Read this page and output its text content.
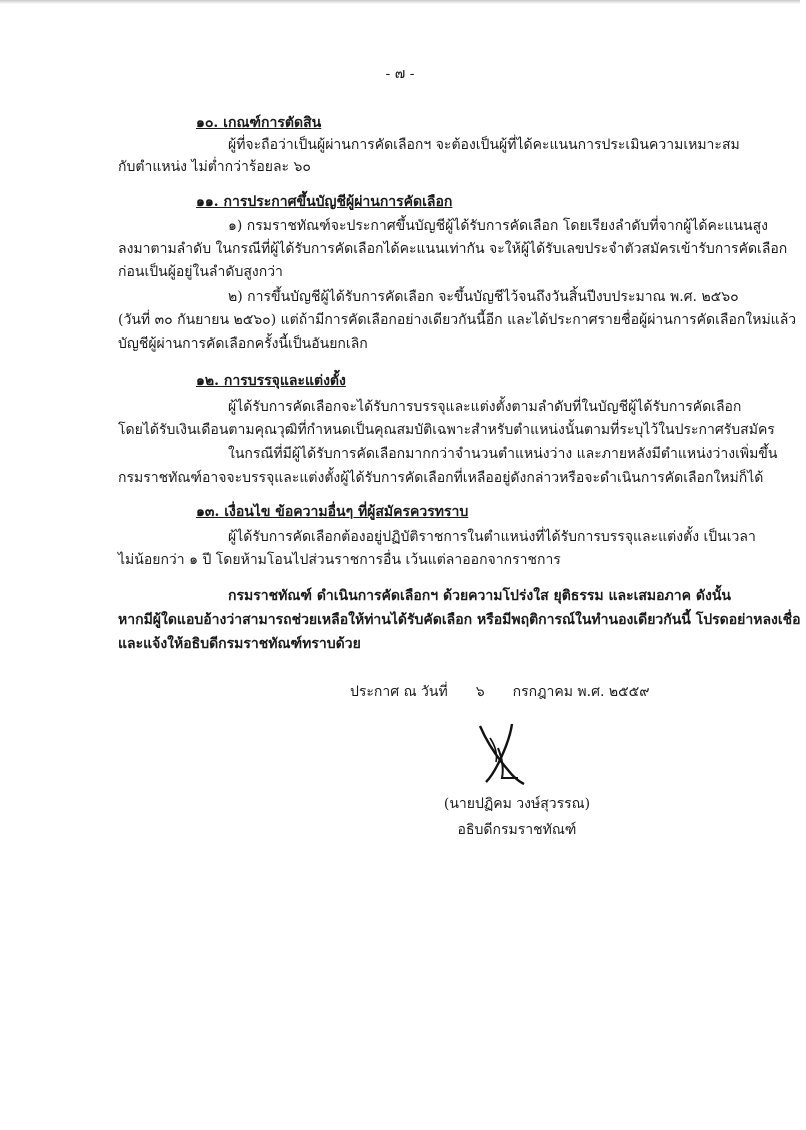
- ๗ -
๑๐. เกณฑ์การตัดสิน
ผู้ที่จะถือว่าเป็นผู้ผ่านการคัดเลือกฯ จะต้องเป็นผู้ที่ได้คะแนนการประเมินความเหมาะสม
กับตำแหน่ง ไม่ต่ำกว่าร้อยละ ๖๐
๑๑. การประกาศขึ้นบัญชีผู้ผ่านการคัดเลือก
๑) กรมราชทัณฑ์จะประกาศขึ้นบัญชีผู้ได้รับการคัดเลือก โดยเรียงลำดับที่จากผู้ได้คะแนนสูง
ลงมาตามลำดับ ในกรณีที่ผู้ได้รับการคัดเลือกได้คะแนนเท่ากัน จะให้ผู้ได้รับเลขประจำตัวสมัครเข้ารับการคัดเลือก
ก่อนเป็นผู้อยู่ในลำดับสูงกว่า
๒) การขึ้นบัญชีผู้ได้รับการคัดเลือก จะขึ้นบัญชีไว้จนถึงวันสิ้นปีงบประมาณ พ.ศ. ๒๕๖๐
(วันที่ ๓๐ กันยายน ๒๕๖๐) แต่ถ้ามีการคัดเลือกอย่างเดียวกันนี้อีก และได้ประกาศรายชื่อผู้ผ่านการคัดเลือกใหม่แล้ว
บัญชีผู้ผ่านการคัดเลือกครั้งนี้เป็นอันยกเลิก
๑๒. การบรรจุและแต่งตั้ง
ผู้ได้รับการคัดเลือกจะได้รับการบรรจุและแต่งตั้งตามลำดับที่ในบัญชีผู้ได้รับการคัดเลือก
โดยได้รับเงินเดือนตามคุณวุฒิที่กำหนดเป็นคุณสมบัติเฉพาะสำหรับตำแหน่งนั้นตามที่ระบุไว้ในประกาศรับสมัคร
ในกรณีที่มีผู้ได้รับการคัดเลือกมากกว่าจำนวนตำแหน่งว่าง และภายหลังมีตำแหน่งว่างเพิ่มขึ้น
กรมราชทัณฑ์อาจจะบรรจุและแต่งตั้งผู้ได้รับการคัดเลือกที่เหลืออยู่ดังกล่าวหรือจะดำเนินการคัดเลือกใหม่ก็ได้
๑๓. เงื่อนไข ข้อความอื่นๆ ที่ผู้สมัครควรทราบ
ผู้ได้รับการคัดเลือกต้องอยู่ปฏิบัติราชการในตำแหน่งที่ได้รับการบรรจุและแต่งตั้ง เป็นเวลา
ไม่น้อยกว่า ๑ ปี โดยห้ามโอนไปส่วนราชการอื่น เว้นแต่ลาออกจากราชการ
กรมราชทัณฑ์ ดำเนินการคัดเลือกฯ ด้วยความโปร่งใส ยุติธรรม และเสมอภาค ดังนั้น
หากมีผู้ใดแอบอ้างว่าสามารถช่วยเหลือให้ท่านได้รับคัดเลือก หรือมีพฤติการณ์ในทำนองเดียวกันนี้ โปรดอย่าหลงเชื่อ
และแจ้งให้อธิบดีกรมราชทัณฑ์ทราบด้วย
ประกาศ ณ วันที่ ๖ กรกฎาคม พ.ศ. ๒๕๕๙
(นายปฏิคม วงษ์สุวรรณ)
อธิบดีกรมราชทัณฑ์
